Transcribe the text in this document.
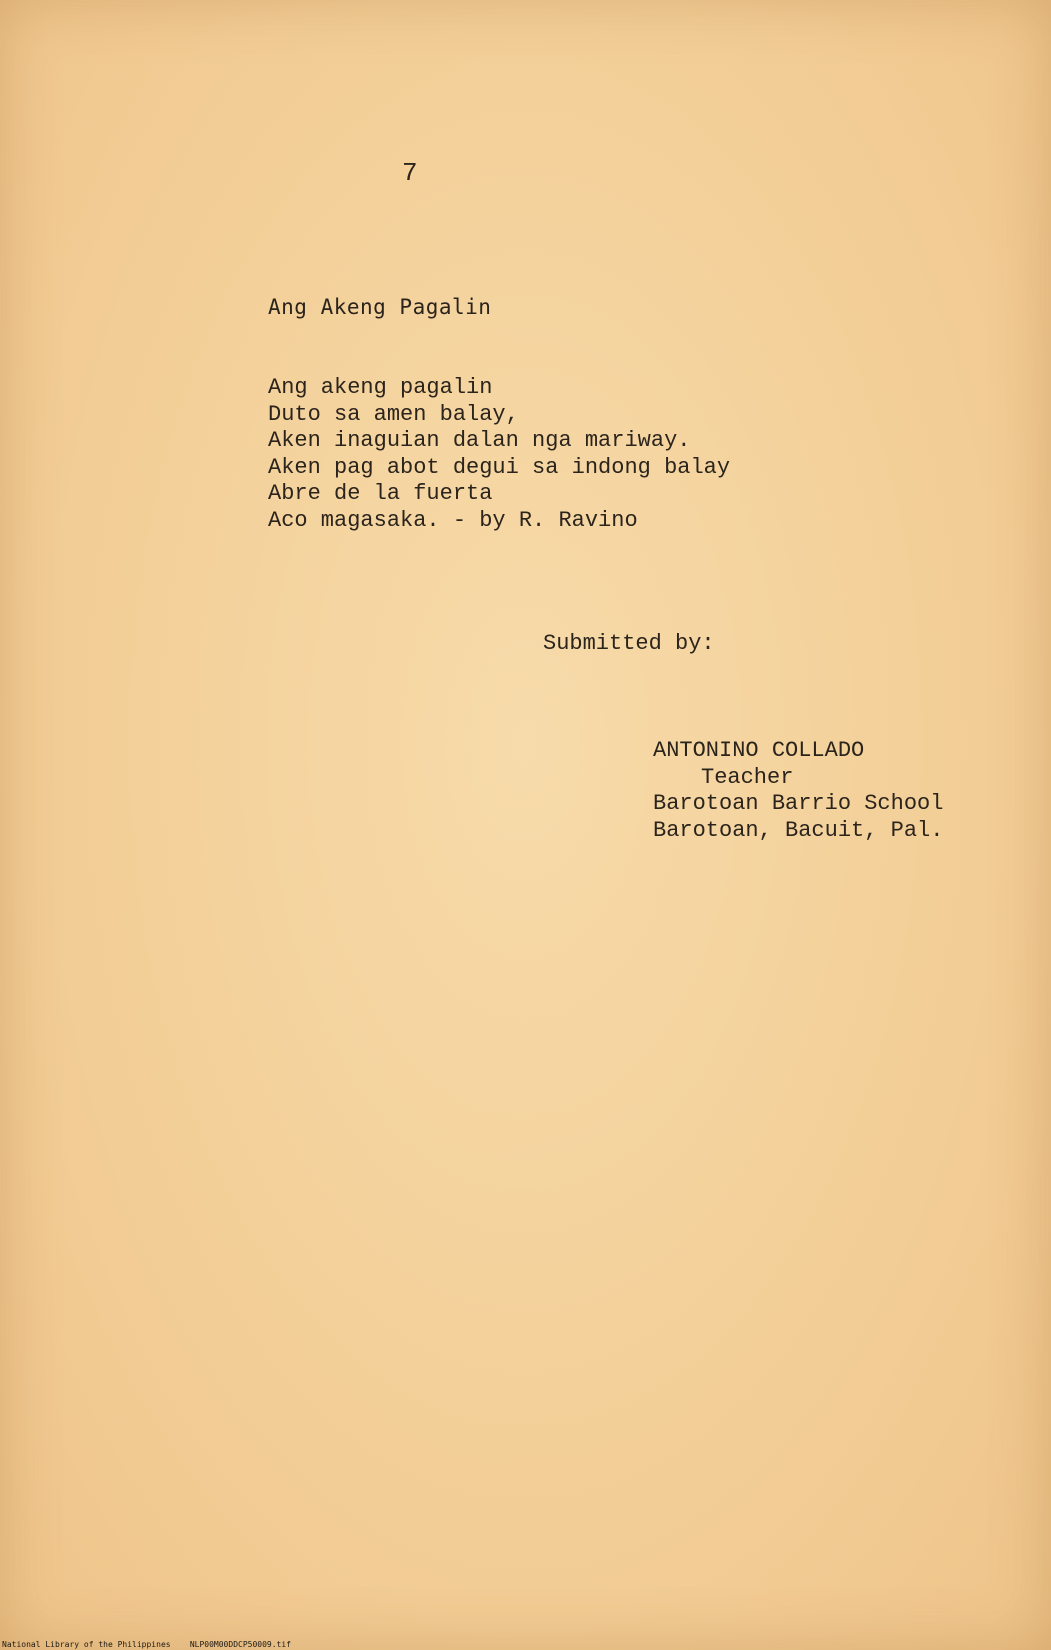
7
Ang Akeng Pagalin
Ang akeng pagalin
Duto sa amen balay,
Aken inaguian dalan nga mariway.
Aken pag abot degui sa indong balay
Abre de la fuerta
Aco magasaka. - by R. Ravino
Submitted by:
ANTONINO COLLADO
Teacher
Barotoan Barrio School
Barotoan, Bacuit, Pal.
National Library of the Philippines NLP00M00DDCP50009.tif
